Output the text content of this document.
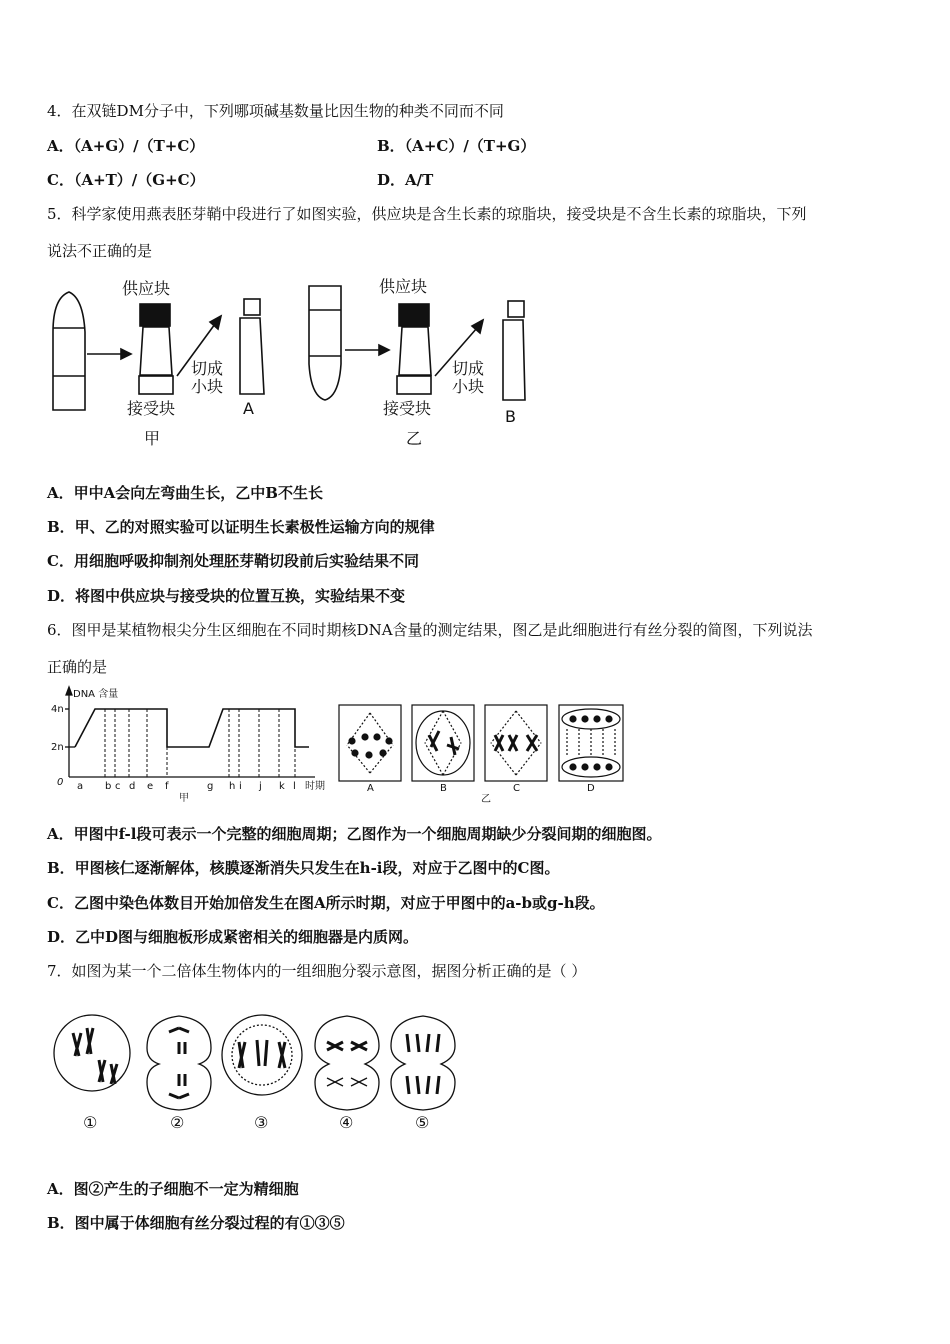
4．在双链DM分子中，下列哪项碱基数量比因生物的种类不同而不同
A．（A+G）/（T+C）	B．（A+C）/（T+G）
C．（A+T）/（G+C）	D．A/T
5．科学家使用燕表胚芽鞘中段进行了如图实验，供应块是含生长素的琼脂块，接受块是不含生长素的琼脂块，下列
说法不正确的是
供应块	供应块
接受块	接受块
切成
小块
切成
小块
甲	乙
A	B
A．甲中A会向左弯曲生长，乙中B不生长
B．甲、乙的对照实验可以证明生长素极性运输方向的规律
C．用细胞呼吸抑制剂处理胚芽鞘切段前后实验结果不同
D．将图中供应块与接受块的位置互换，实验结果不变
6．图甲是某植物根尖分生区细胞在不同时期核DNA含量的测定结果，图乙是此细胞进行有丝分裂的简图，下列说法
正确的是
DNA 含量
4n
2n
0 a b c d e f	g h i j k l 时期
甲	乙
A	B	C	D
A．甲图中f-l段可表示一个完整的细胞周期；乙图作为一个细胞周期缺少分裂间期的细胞图。
B．甲图核仁逐渐解体，核膜逐渐消失只发生在h-i段，对应于乙图中的C图。
C．乙图中染色体数目开始加倍发生在图A所示时期，对应于甲图中的a-b或g-h段。
D．乙中D图与细胞板形成紧密相关的细胞器是内质网。
7．如图为某一个二倍体生物体内的一组细胞分裂示意图，据图分析正确的是（ ）
①	②	③	④	⑤
A．图②产生的子细胞不一定为精细胞
B．图中属于体细胞有丝分裂过程的有①③⑤
